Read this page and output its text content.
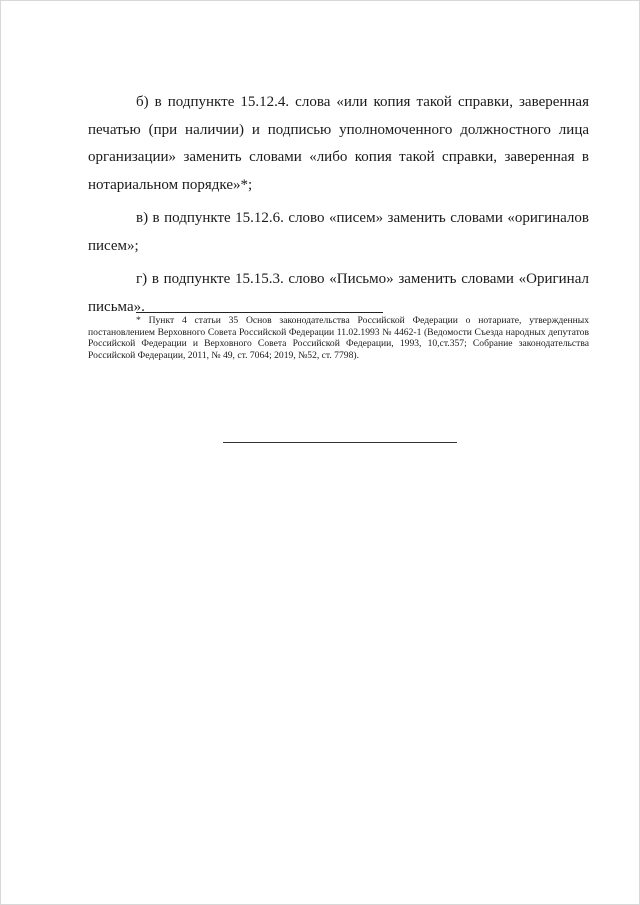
б) в подпункте 15.12.4. слова «или копия такой справки, заверенная печатью (при наличии) и подписью уполномоченного должностного лица организации» заменить словами «либо копия такой справки, заверенная в нотариальном порядке»*;

в) в подпункте 15.12.6. слово «писем» заменить словами «оригиналов писем»;

г) в подпункте 15.15.3. слово «Письмо» заменить словами «Оригинал письма».

* Пункт 4 статьи 35 Основ законодательства Российской Федерации о нотариате, утвержденных постановлением Верховного Совета Российской Федерации 11.02.1993 № 4462-1 (Ведомости Съезда народных депутатов Российской Федерации и Верховного Совета Российской Федерации, 1993, 10,ст.357; Собрание законодательства Российской Федерации, 2011, № 49, ст. 7064; 2019, №52, ст. 7798).
